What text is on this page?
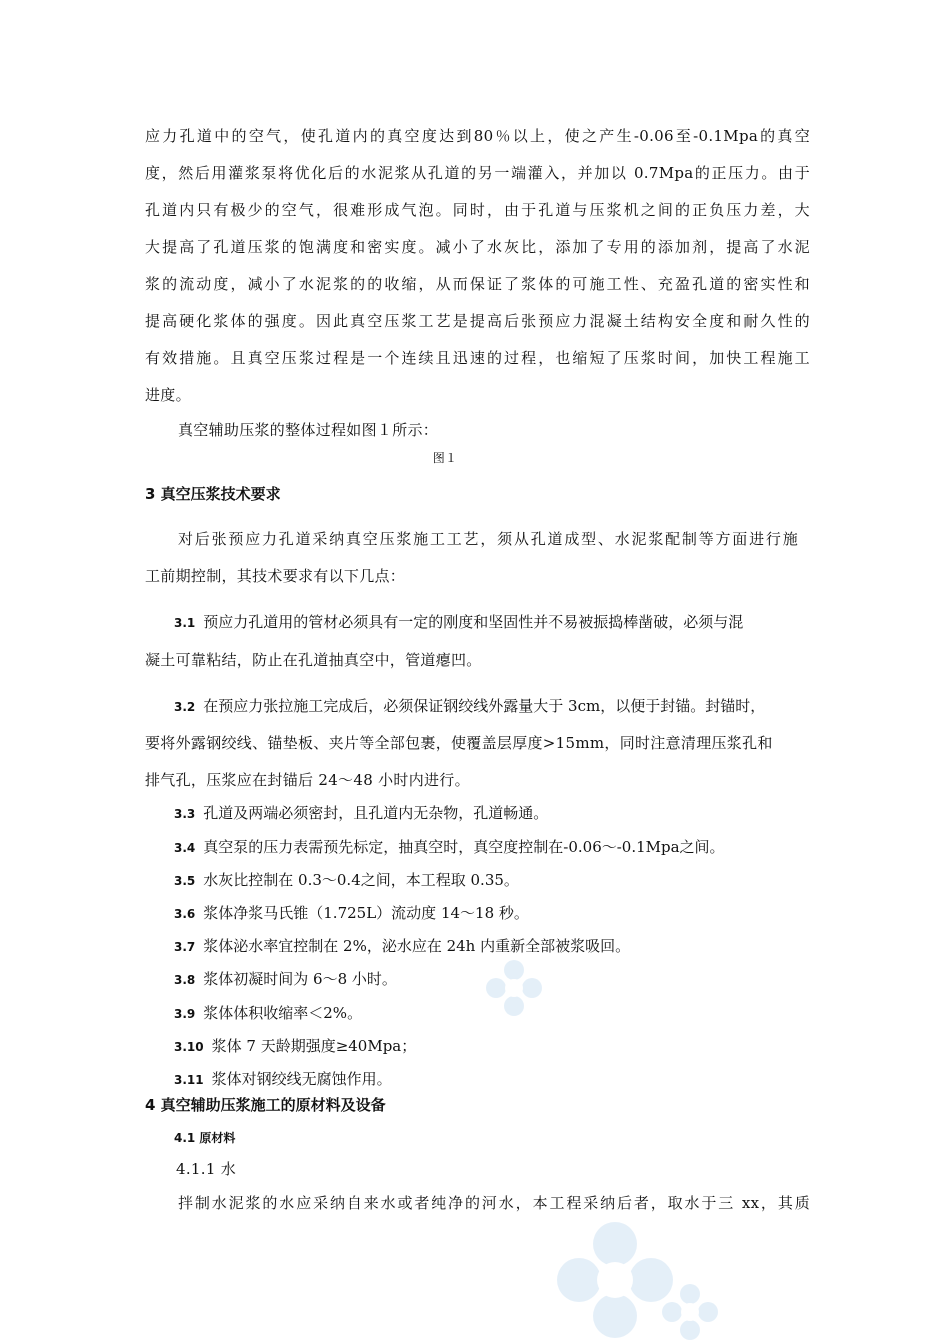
应力孔道中的空气，使孔道内的真空度达到80％以上，使之产生-0.06至-0.1Mpa的真空
度，然后用灌浆泵将优化后的水泥浆从孔道的另一端灌入，并加以 0.7Mpa的正压力。由于
孔道内只有极少的空气，很难形成气泡。同时，由于孔道与压浆机之间的正负压力差，大
大提高了孔道压浆的饱满度和密实度。减小了水灰比，添加了专用的添加剂，提高了水泥
浆的流动度，减小了水泥浆的的收缩，从而保证了浆体的可施工性、充盈孔道的密实性和
提高硬化浆体的强度。因此真空压浆工艺是提高后张预应力混凝土结构安全度和耐久性的
有效措施。且真空压浆过程是一个连续且迅速的过程，也缩短了压浆时间，加快工程施工
进度。
真空辅助压浆的整体过程如图１所示：
图１
3 真空压浆技术要求
对后张预应力孔道采纳真空压浆施工工艺，须从孔道成型、水泥浆配制等方面进行施
工前期控制，其技术要求有以下几点：
3.1 预应力孔道用的管材必须具有一定的刚度和坚固性并不易被振捣棒凿破，必须与混
凝土可靠粘结，防止在孔道抽真空中，管道瘪凹。
3.2 在预应力张拉施工完成后，必须保证钢绞线外露量大于 3cm，以便于封锚。封锚时，
要将外露钢绞线、锚垫板、夹片等全部包裹，使覆盖层厚度>15mm，同时注意清理压浆孔和
排气孔，压浆应在封锚后 24～48 小时内进行。
3.3 孔道及两端必须密封，且孔道内无杂物，孔道畅通。
3.4 真空泵的压力表需预先标定，抽真空时，真空度控制在-0.06～-0.1Mpa之间。
3.5 水灰比控制在 0.3～0.4之间，本工程取 0.35。
3.6 浆体净浆马氏锥（1.725L）流动度 14～18 秒。
3.7 浆体泌水率宜控制在 2%，泌水应在 24h 内重新全部被浆吸回。
3.8 浆体初凝时间为 6～8 小时。
3.9 浆体体积收缩率＜2%。
3.10 浆体 7 天龄期强度≥40Mpa；
3.11 浆体对钢绞线无腐蚀作用。
4 真空辅助压浆施工的原材料及设备
4.1 原材料
4.1.1 水
拌制水泥浆的水应采纳自来水或者纯净的河水，本工程采纳后者，取水于三 xx，其质
